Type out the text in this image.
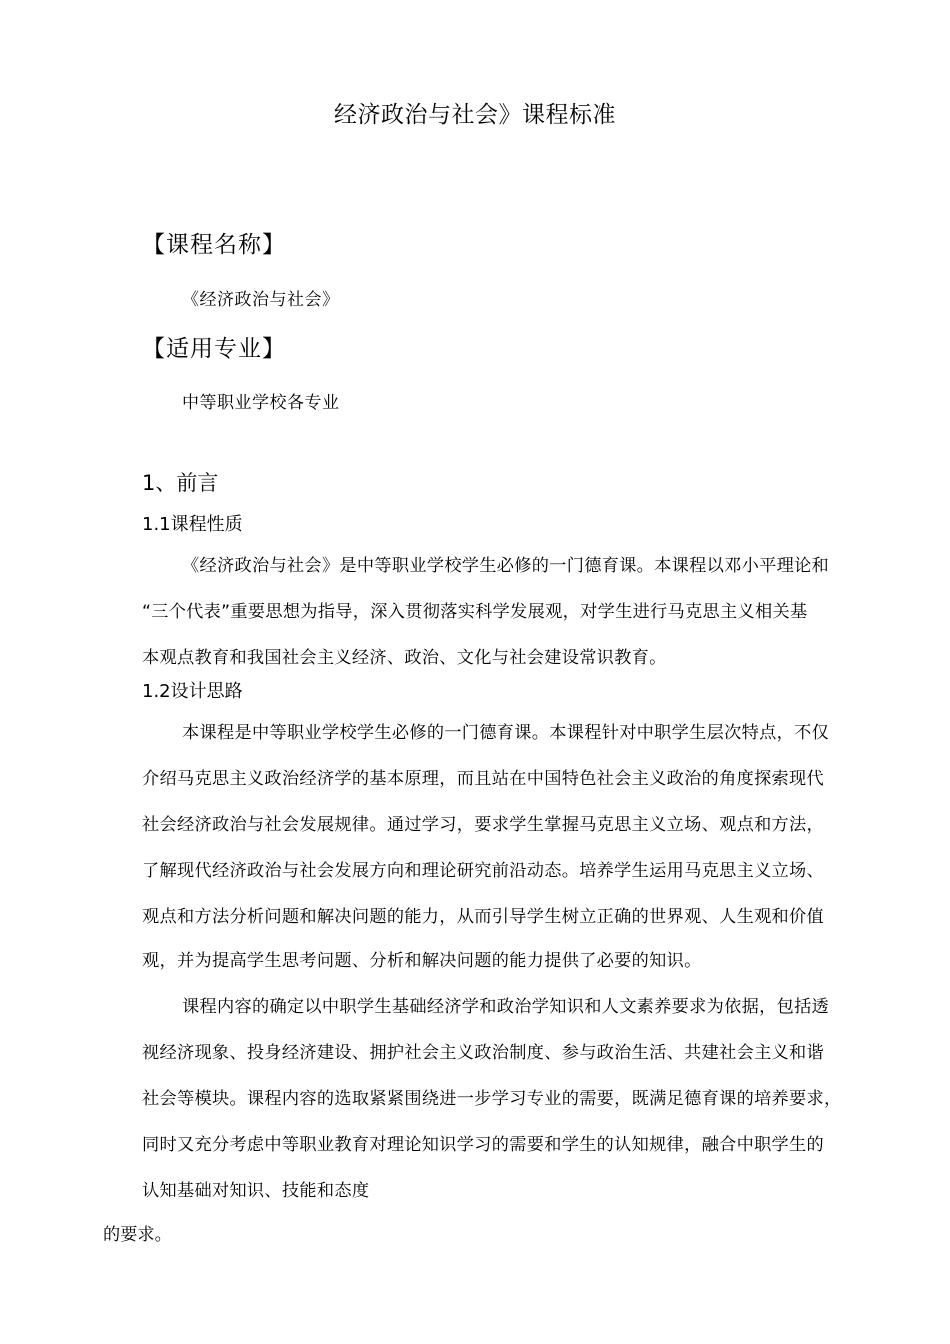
经济政治与社会》课程标准
【课程名称】
《经济政治与社会》
【适用专业】
中等职业学校各专业
1、前言
1.1课程性质
《经济政治与社会》是中等职业学校学生必修的一门德育课。本课程以邓小平理论和
“三个代表”重要思想为指导，深入贯彻落实科学发展观，对学生进行马克思主义相关基
本观点教育和我国社会主义经济、政治、文化与社会建设常识教育。
1.2设计思路
本课程是中等职业学校学生必修的一门德育课。本课程针对中职学生层次特点，不仅
介绍马克思主义政治经济学的基本原理，而且站在中国特色社会主义政治的角度探索现代
社会经济政治与社会发展规律。通过学习，要求学生掌握马克思主义立场、观点和方法，
了解现代经济政治与社会发展方向和理论研究前沿动态。培养学生运用马克思主义立场、
观点和方法分析问题和解决问题的能力，从而引导学生树立正确的世界观、人生观和价值
观，并为提高学生思考问题、分析和解决问题的能力提供了必要的知识。
课程内容的确定以中职学生基础经济学和政治学知识和人文素养要求为依据，包括透
视经济现象、投身经济建设、拥护社会主义政治制度、参与政治生活、共建社会主义和谐
社会等模块。课程内容的选取紧紧围绕进一步学习专业的需要，既满足德育课的培养要求，
同时又充分考虑中等职业教育对理论知识学习的需要和学生的认知规律，融合中职学生的
认知基础对知识、技能和态度
的要求。
